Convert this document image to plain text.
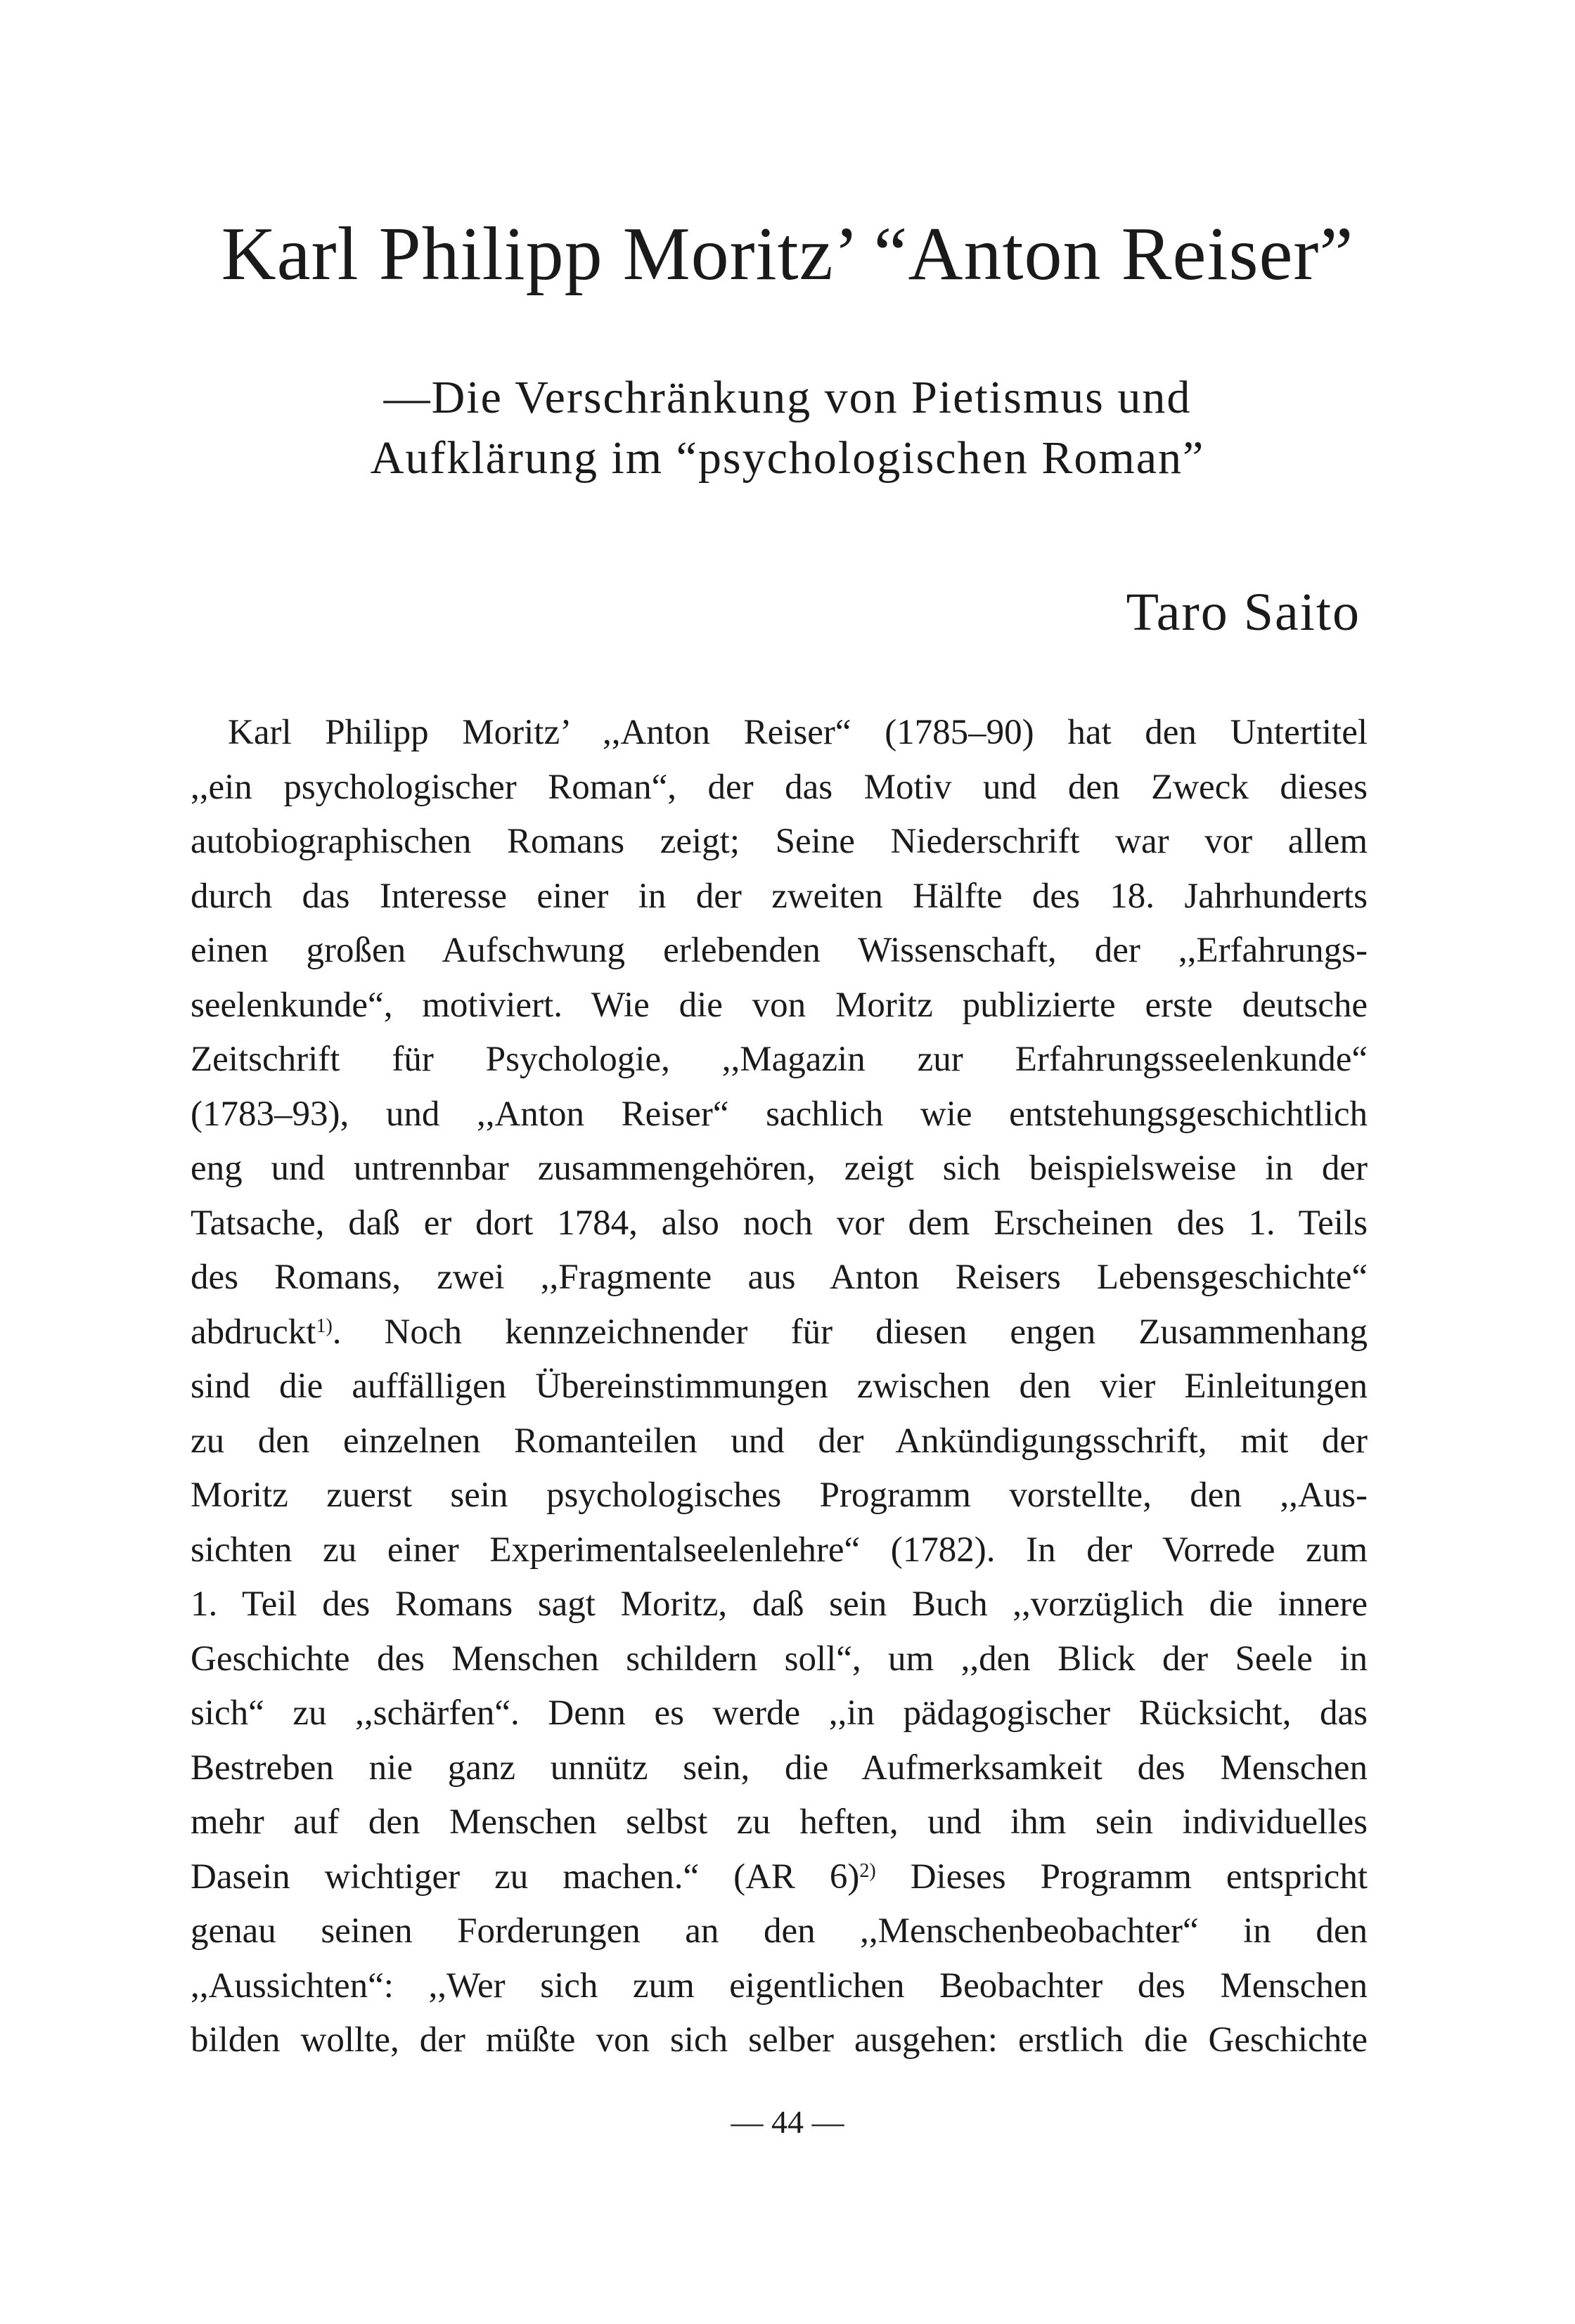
Karl Philipp Moritz’ “Anton Reiser”
—Die Verschränkung von Pietismus und
Aufklärung im “psychologischen Roman”
Taro Saito
Karl Philipp Moritz’ ,,Anton Reiser“ (1785–90) hat den Untertitel
,,ein psychologischer Roman“, der das Motiv und den Zweck dieses
autobiographischen Romans zeigt; Seine Niederschrift war vor allem
durch das Interesse einer in der zweiten Hälfte des 18. Jahrhunderts
einen großen Aufschwung erlebenden Wissenschaft, der ,,Erfahrungs-
seelenkunde“, motiviert. Wie die von Moritz publizierte erste deutsche
Zeitschrift für Psychologie, ,,Magazin zur Erfahrungsseelenkunde“
(1783–93), und ,,Anton Reiser“ sachlich wie entstehungsgeschichtlich
eng und untrennbar zusammengehören, zeigt sich beispielsweise in der
Tatsache, daß er dort 1784, also noch vor dem Erscheinen des 1. Teils
des Romans, zwei ,,Fragmente aus Anton Reisers Lebensgeschichte“
abdruckt$^{1)}$. Noch kennzeichnender für diesen engen Zusammenhang
sind die auffälligen Übereinstimmungen zwischen den vier Einleitungen
zu den einzelnen Romanteilen und der Ankündigungsschrift, mit der
Moritz zuerst sein psychologisches Programm vorstellte, den ,,Aus-
sichten zu einer Experimentalseelenlehre“ (1782). In der Vorrede zum
1. Teil des Romans sagt Moritz, daß sein Buch ,,vorzüglich die innere
Geschichte des Menschen schildern soll“, um ,,den Blick der Seele in
sich“ zu ,,schärfen“. Denn es werde ,,in pädagogischer Rücksicht, das
Bestreben nie ganz unnütz sein, die Aufmerksamkeit des Menschen
mehr auf den Menschen selbst zu heften, und ihm sein individuelles
Dasein wichtiger zu machen.“ (AR 6)$^{2)}$ Dieses Programm entspricht
genau seinen Forderungen an den ,,Menschenbeobachter“ in den
,,Aussichten“: ,,Wer sich zum eigentlichen Beobachter des Menschen
bilden wollte, der müßte von sich selber ausgehen: erstlich die Geschichte
— 44 —
